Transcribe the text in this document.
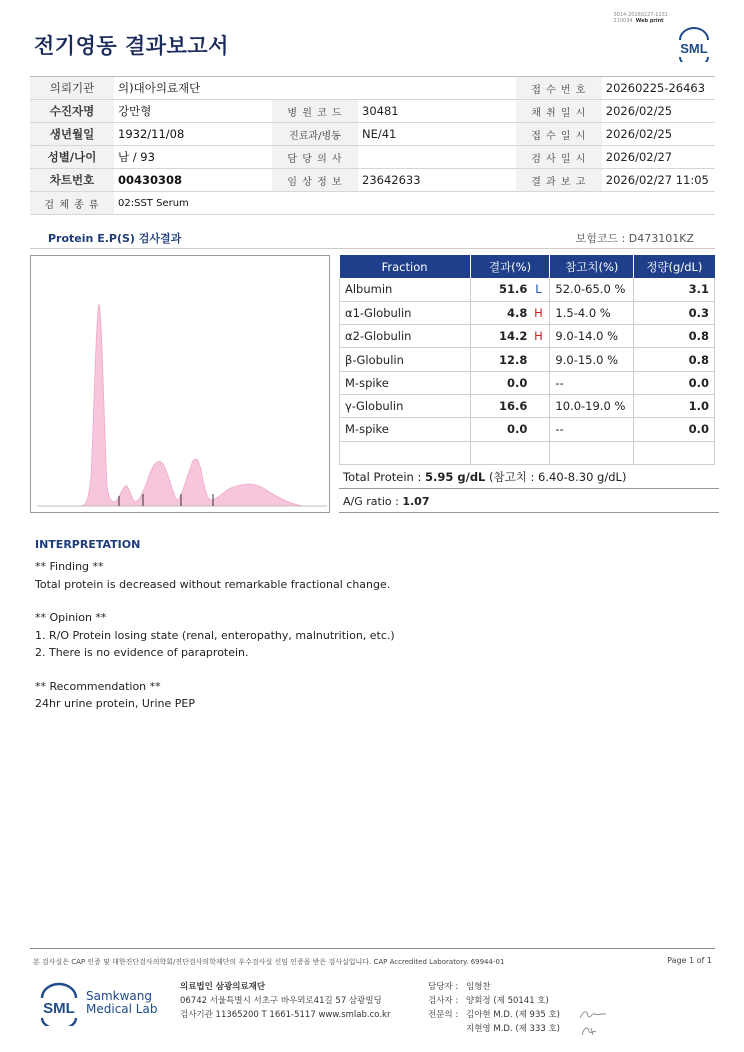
3014-20260227-1131
210034 Web print
전기영동 결과보고서	SML
의뢰기관	의)대아의료재단				접 수 번 호	20260225-26463
수진자명	강만형	병 원 코 드	30481		채 취 일 시	2026/02/25
생년월일	1932/11/08	진료과/병동	NE/41		접 수 일 시	2026/02/25
성별/나이	남 / 93	담 당 의 사			검 사 일 시	2026/02/27
차트번호	00430308	임 상 정 보	23642633		결 과 보 고	2026/02/27 11:05
검 체 종 류	02:SST Serum					
Protein E.P(S) 검사결과	보험코드 : D473101KZ
Fraction	결과(%)	참고치(%)	정량(g/dL)
Albumin	51.6 L	52.0-65.0 %	3.1
α1-Globulin	4.8 H	1.5-4.0 %	0.3
α2-Globulin	14.2 H	9.0-14.0 %	0.8
β-Globulin	12.8	9.0-15.0 %	0.8
M-spike	0.0	--	0.0
γ-Globulin	16.6	10.0-19.0 %	1.0
M-spike	0.0	--	0.0

Total Protein : 5.95 g/dL (참고치 : 6.40-8.30 g/dL)
A/G ratio : 1.07
INTERPRETATION
** Finding **
Total protein is decreased without remarkable fractional change.
** Opinion **
1. R/O Protein losing state (renal, enteropathy, malnutrition, etc.)
2. There is no evidence of paraprotein.
** Recommendation **
24hr urine protein, Urine PEP
본 검사실은 CAP 인증 및 대한진단검사의학회/진단검사의학재단의 우수검사실 신임 인증을 받은 검사실입니다. CAP Accredited Laboratory. 69944-01	Page 1 of 1
SML
Samkwang
Medical Lab
의료법인 삼광의료재단
06742 서울특별시 서초구 바우뫼로41길 57 삼광빌딩
검사기관 11365200 T 1661-5117 www.smlab.co.kr
담당자 : 임형찬
검사자 : 양회정 (제 50141 호)
전문의 : 김아현 M.D. (제 935 호)
지현영 M.D. (제 333 호)
